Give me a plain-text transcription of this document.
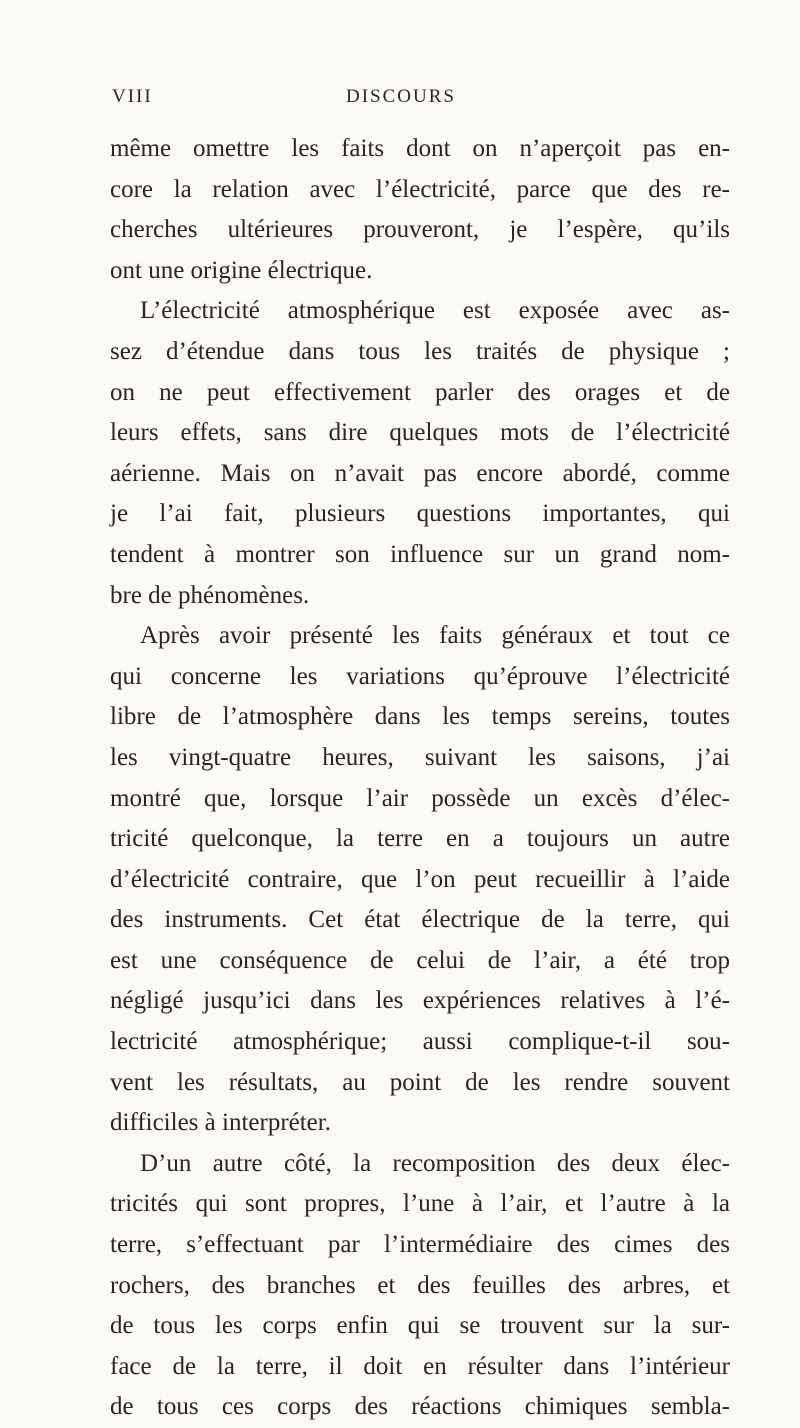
VIII	DISCOURS
même omettre les faits dont on n’aperçoit pas en-
core la relation avec l’électricité, parce que des re-
cherches ultérieures prouveront, je l’espère, qu’ils
ont une origine électrique.
L’électricité atmosphérique est exposée avec as-
sez d’étendue dans tous les traités de physique ;
on ne peut effectivement parler des orages et de
leurs effets, sans dire quelques mots de l’électricité
aérienne. Mais on n’avait pas encore abordé, comme
je l’ai fait, plusieurs questions importantes, qui
tendent à montrer son influence sur un grand nom-
bre de phénomènes.
Après avoir présenté les faits généraux et tout ce
qui concerne les variations qu’éprouve l’électricité
libre de l’atmosphère dans les temps sereins, toutes
les vingt-quatre heures, suivant les saisons, j’ai
montré que, lorsque l’air possède un excès d’élec-
tricité quelconque, la terre en a toujours un autre
d’électricité contraire, que l’on peut recueillir à l’aide
des instruments. Cet état électrique de la terre, qui
est une conséquence de celui de l’air, a été trop
négligé jusqu’ici dans les expériences relatives à l’é-
lectricité atmosphérique; aussi complique-t-il sou-
vent les résultats, au point de les rendre souvent
difficiles à interpréter.
D’un autre côté, la recomposition des deux élec-
tricités qui sont propres, l’une à l’air, et l’autre à la
terre, s’effectuant par l’intermédiaire des cimes des
rochers, des branches et des feuilles des arbres, et
de tous les corps enfin qui se trouvent sur la sur-
face de la terre, il doit en résulter dans l’intérieur
de tous ces corps des réactions chimiques sembla-
